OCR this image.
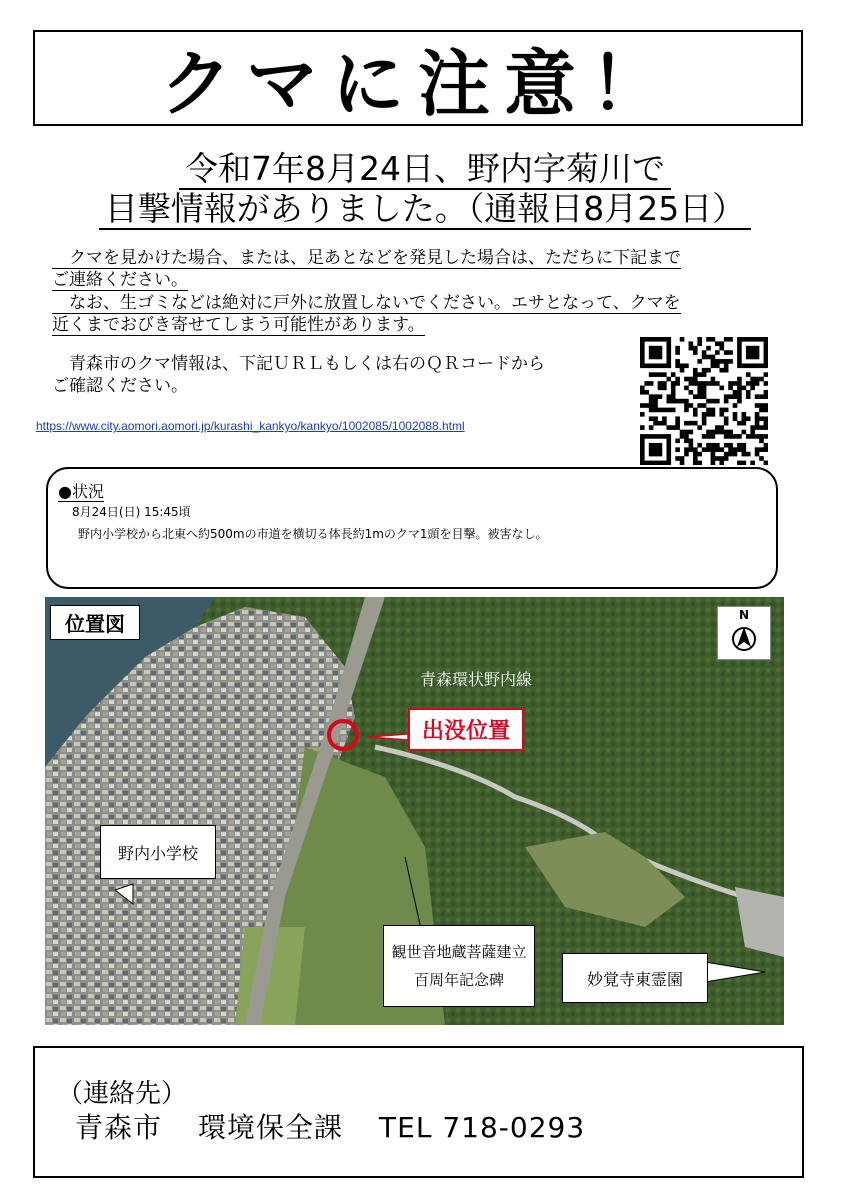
クマに注意！
令和7年8月24日、野内字菊川で
目撃情報がありました。（通報日8月25日）
　クマを見かけた場合、または、足あとなどを発見した場合は、ただちに下記まで
ご連絡ください。
　なお、生ゴミなどは絶対に戸外に放置しないでください。エサとなって、クマを
近くまでおびき寄せてしまう可能性があります。
　青森市のクマ情報は、下記ＵＲＬもしくは右のＱＲコードから
ご確認ください。
https://www.city.aomori.aomori.jp/kurashi_kankyo/kankyo/1002085/1002088.html
●状況
8月24日(日) 15:45頃
野内小学校から北東へ約500mの市道を横切る体長約1mのクマ1頭を目撃。被害なし。
位置図
青森環状野内線
出没位置
野内小学校
観世音地蔵菩薩建立
百周年記念碑	妙覚寺東霊園
N
（連絡先）
青森市 環境保全課 TEL 718-0293
